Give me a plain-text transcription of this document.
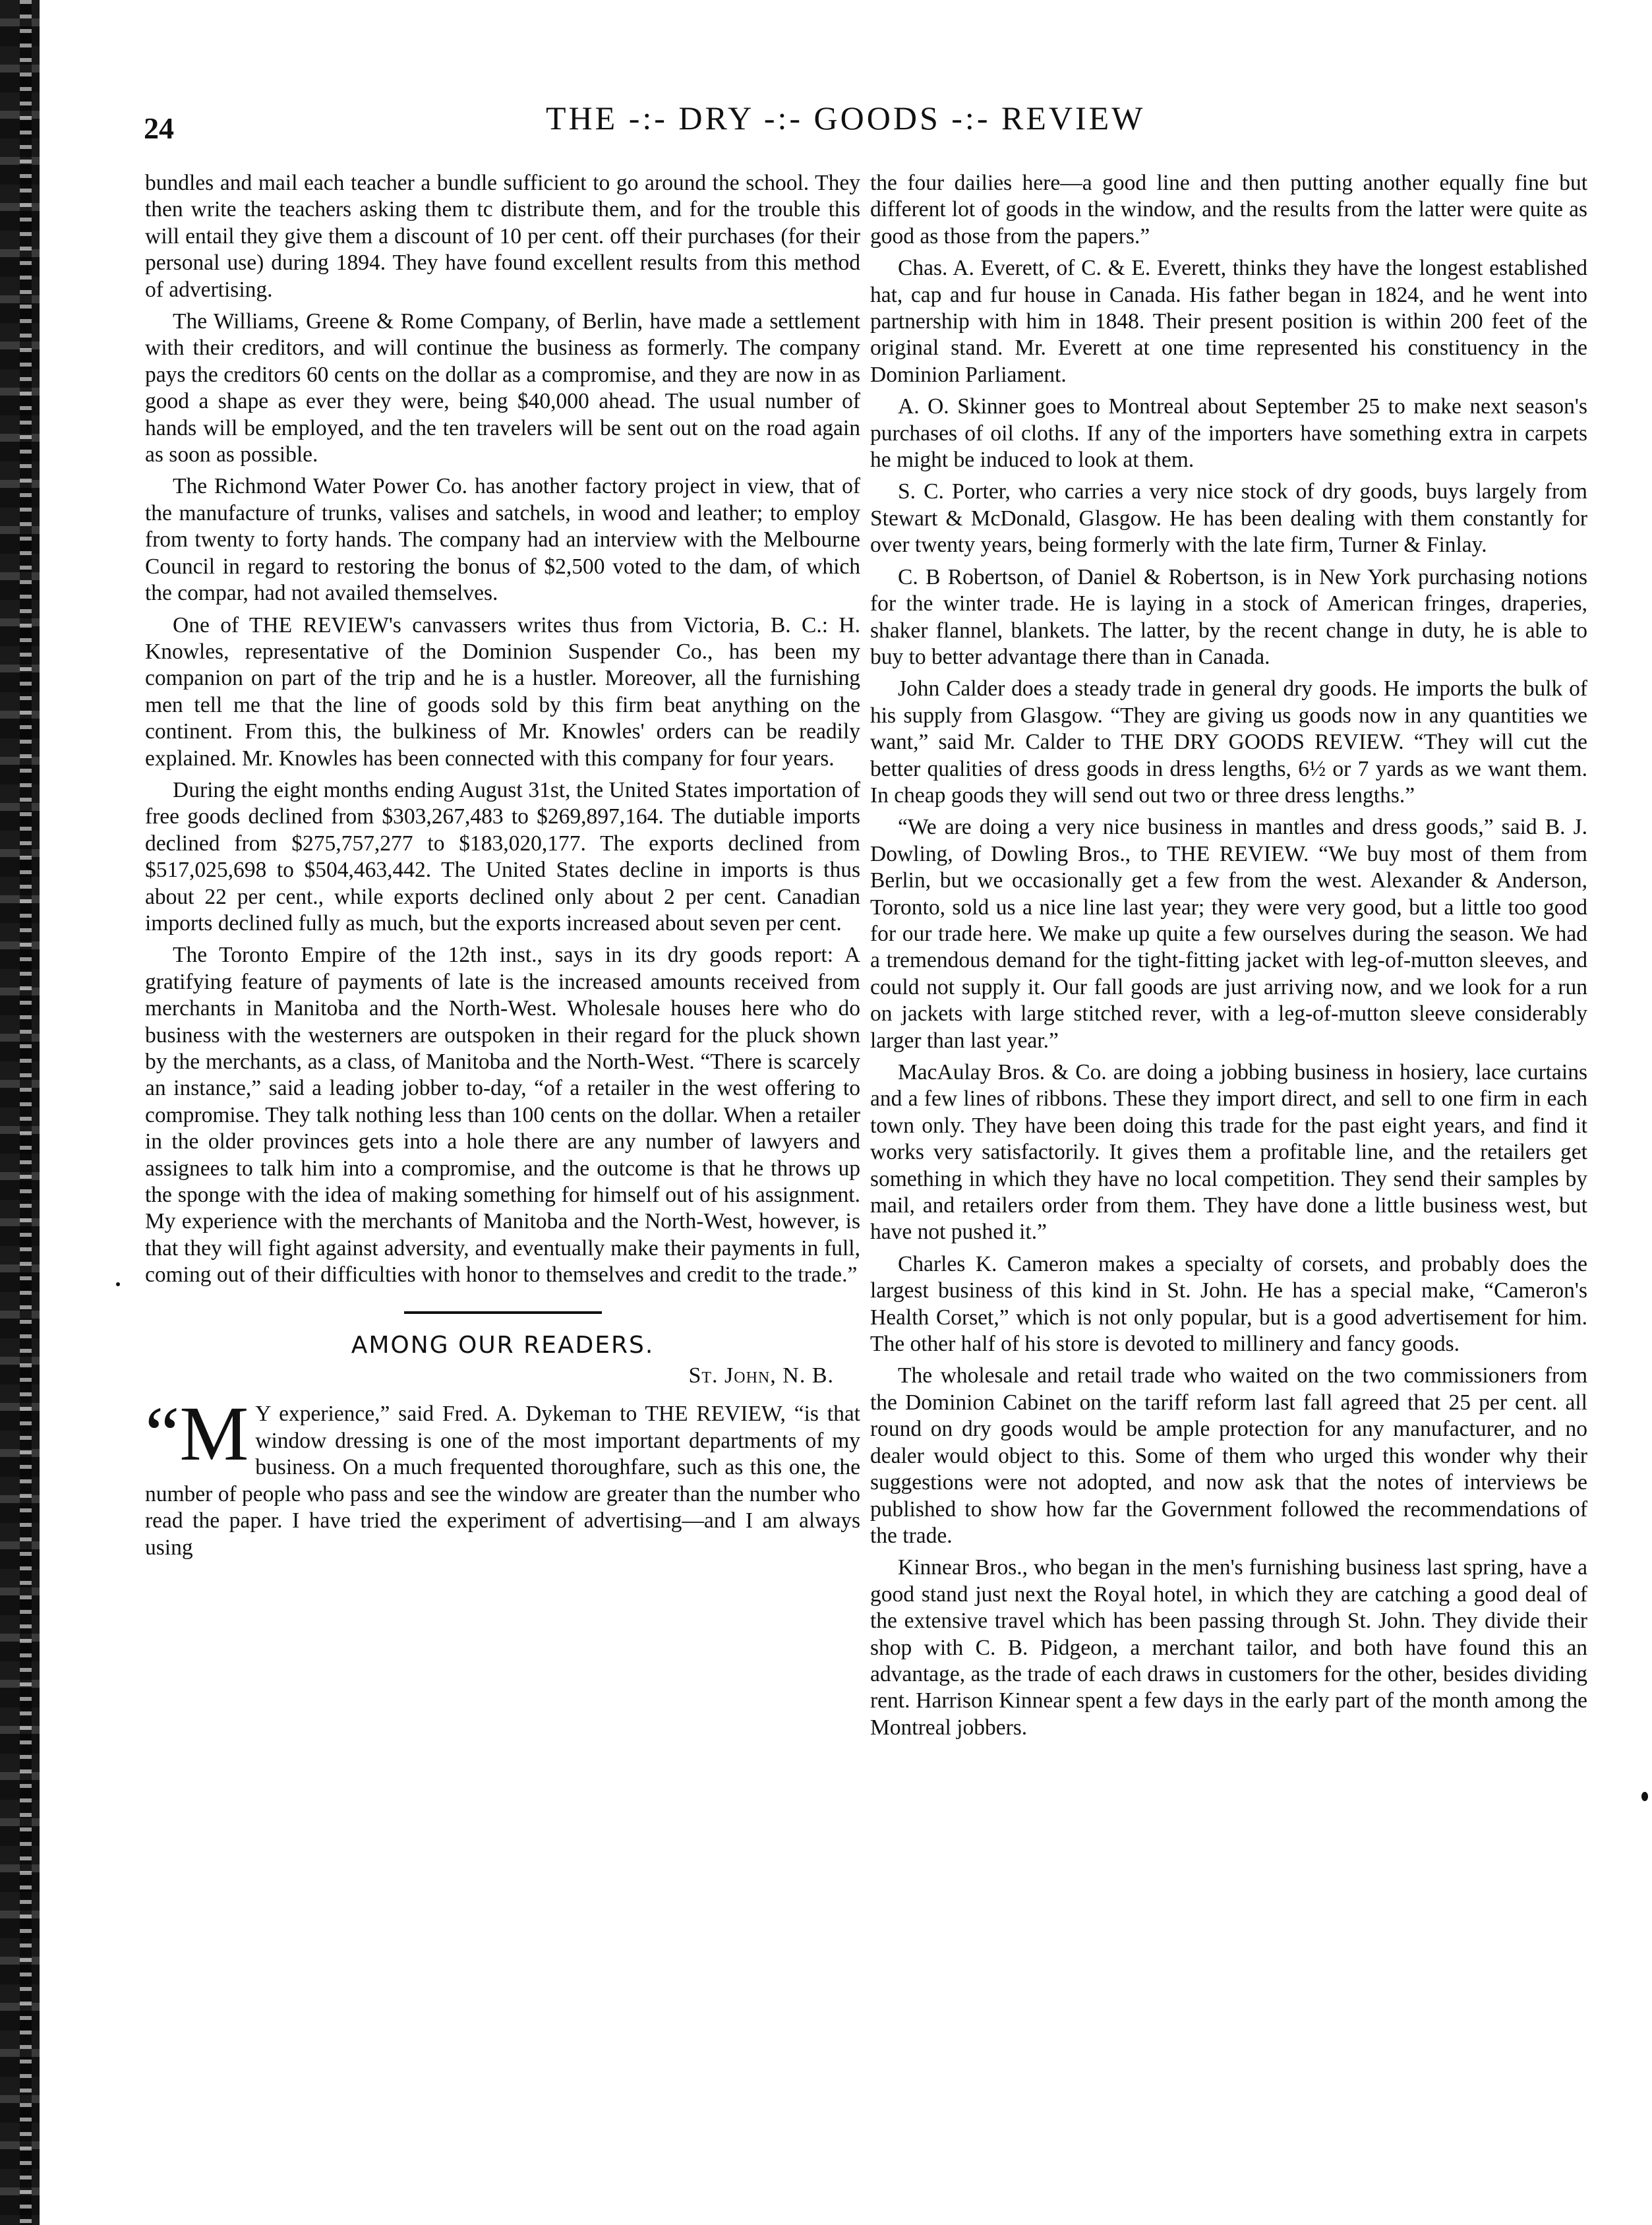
24	THE -:- DRY -:- GOODS -:- REVIEW

bundles and mail each teacher a bundle sufficient to go around the school. They then write the teachers asking them tc distribute them, and for the trouble this will entail they give them a discount of 10 per cent. off their purchases (for their personal use) during 1894. They have found excellent results from this method of advertising.

The Williams, Greene & Rome Company, of Berlin, have made a settlement with their creditors, and will continue the business as formerly. The company pays the creditors 60 cents on the dollar as a compromise, and they are now in as good a shape as ever they were, being $40,000 ahead. The usual number of hands will be employed, and the ten travelers will be sent out on the road again as soon as possible.

The Richmond Water Power Co. has another factory project in view, that of the manufacture of trunks, valises and satchels, in wood and leather; to employ from twenty to forty hands. The company had an interview with the Melbourne Council in regard to restoring the bonus of $2,500 voted to the dam, of which the compar, had not availed themselves.

One of THE REVIEW's canvassers writes thus from Victoria, B. C.: H. Knowles, representative of the Dominion Suspender Co., has been my companion on part of the trip and he is a hustler. Moreover, all the furnishing men tell me that the line of goods sold by this firm beat anything on the continent. From this, the bulkiness of Mr. Knowles' orders can be readily explained. Mr. Knowles has been connected with this company for four years.

During the eight months ending August 31st, the United States importation of free goods declined from $303,267,483 to $269,897,164. The dutiable imports declined from $275,757,277 to $183,020,177. The exports declined from $517,025,698 to $504,463,442. The United States decline in imports is thus about 22 per cent., while exports declined only about 2 per cent. Canadian imports declined fully as much, but the exports increased about seven per cent.

The Toronto Empire of the 12th inst., says in its dry goods report: A gratifying feature of payments of late is the increased amounts received from merchants in Manitoba and the North-West. Wholesale houses here who do business with the westerners are outspoken in their regard for the pluck shown by the merchants, as a class, of Manitoba and the North-West. “There is scarcely an instance,” said a leading jobber to-day, “of a retailer in the west offering to compromise. They talk nothing less than 100 cents on the dollar. When a retailer in the older provinces gets into a hole there are any number of lawyers and assignees to talk him into a compromise, and the outcome is that he throws up the sponge with the idea of making something for himself out of his assignment. My experience with the merchants of Manitoba and the North-West, however, is that they will fight against adversity, and eventually make their payments in full, coming out of their difficulties with honor to themselves and credit to the trade.”

AMONG OUR READERS.
St. John, N. B.

“M Y experience,” said Fred. A. Dykeman to THE REVIEW, “is that window dressing is one of the most important departments of my business. On a much frequented thoroughfare, such as this one, the number of people who pass and see the window are greater than the number who read the paper. I have tried the experiment of advertising—and I am always using

the four dailies here—a good line and then putting another equally fine but different lot of goods in the window, and the results from the latter were quite as good as those from the papers.”

Chas. A. Everett, of C. & E. Everett, thinks they have the longest established hat, cap and fur house in Canada. His father began in 1824, and he went into partnership with him in 1848. Their present position is within 200 feet of the original stand. Mr. Everett at one time represented his constituency in the Dominion Parliament.

A. O. Skinner goes to Montreal about September 25 to make next season's purchases of oil cloths. If any of the importers have something extra in carpets he might be induced to look at them.

S. C. Porter, who carries a very nice stock of dry goods, buys largely from Stewart & McDonald, Glasgow. He has been dealing with them constantly for over twenty years, being formerly with the late firm, Turner & Finlay.

C. B Robertson, of Daniel & Robertson, is in New York purchasing notions for the winter trade. He is laying in a stock of American fringes, draperies, shaker flannel, blankets. The latter, by the recent change in duty, he is able to buy to better advantage there than in Canada.

John Calder does a steady trade in general dry goods. He imports the bulk of his supply from Glasgow. “They are giving us goods now in any quantities we want,” said Mr. Calder to THE DRY GOODS REVIEW. “They will cut the better qualities of dress goods in dress lengths, 6½ or 7 yards as we want them. In cheap goods they will send out two or three dress lengths.”

“We are doing a very nice business in mantles and dress goods,” said B. J. Dowling, of Dowling Bros., to THE REVIEW. “We buy most of them from Berlin, but we occasionally get a few from the west. Alexander & Anderson, Toronto, sold us a nice line last year; they were very good, but a little too good for our trade here. We make up quite a few ourselves during the season. We had a tremendous demand for the tight-fitting jacket with leg-of-mutton sleeves, and could not supply it. Our fall goods are just arriving now, and we look for a run on jackets with large stitched rever, with a leg-of-mutton sleeve considerably larger than last year.”

MacAulay Bros. & Co. are doing a jobbing business in hosiery, lace curtains and a few lines of ribbons. These they import direct, and sell to one firm in each town only. They have been doing this trade for the past eight years, and find it works very satisfactorily. It gives them a profitable line, and the retailers get something in which they have no local competition. They send their samples by mail, and retailers order from them. They have done a little business west, but have not pushed it.”

Charles K. Cameron makes a specialty of corsets, and probably does the largest business of this kind in St. John. He has a special make, “Cameron's Health Corset,” which is not only popular, but is a good advertisement for him. The other half of his store is devoted to millinery and fancy goods.

The wholesale and retail trade who waited on the two commissioners from the Dominion Cabinet on the tariff reform last fall agreed that 25 per cent. all round on dry goods would be ample protection for any manufacturer, and no dealer would object to this. Some of them who urged this wonder why their suggestions were not adopted, and now ask that the notes of interviews be published to show how far the Government followed the recommendations of the trade.

Kinnear Bros., who began in the men's furnishing business last spring, have a good stand just next the Royal hotel, in which they are catching a good deal of the extensive travel which has been passing through St. John. They divide their shop with C. B. Pidgeon, a merchant tailor, and both have found this an advantage, as the trade of each draws in customers for the other, besides dividing rent. Harrison Kinnear spent a few days in the early part of the month among the Montreal jobbers.
